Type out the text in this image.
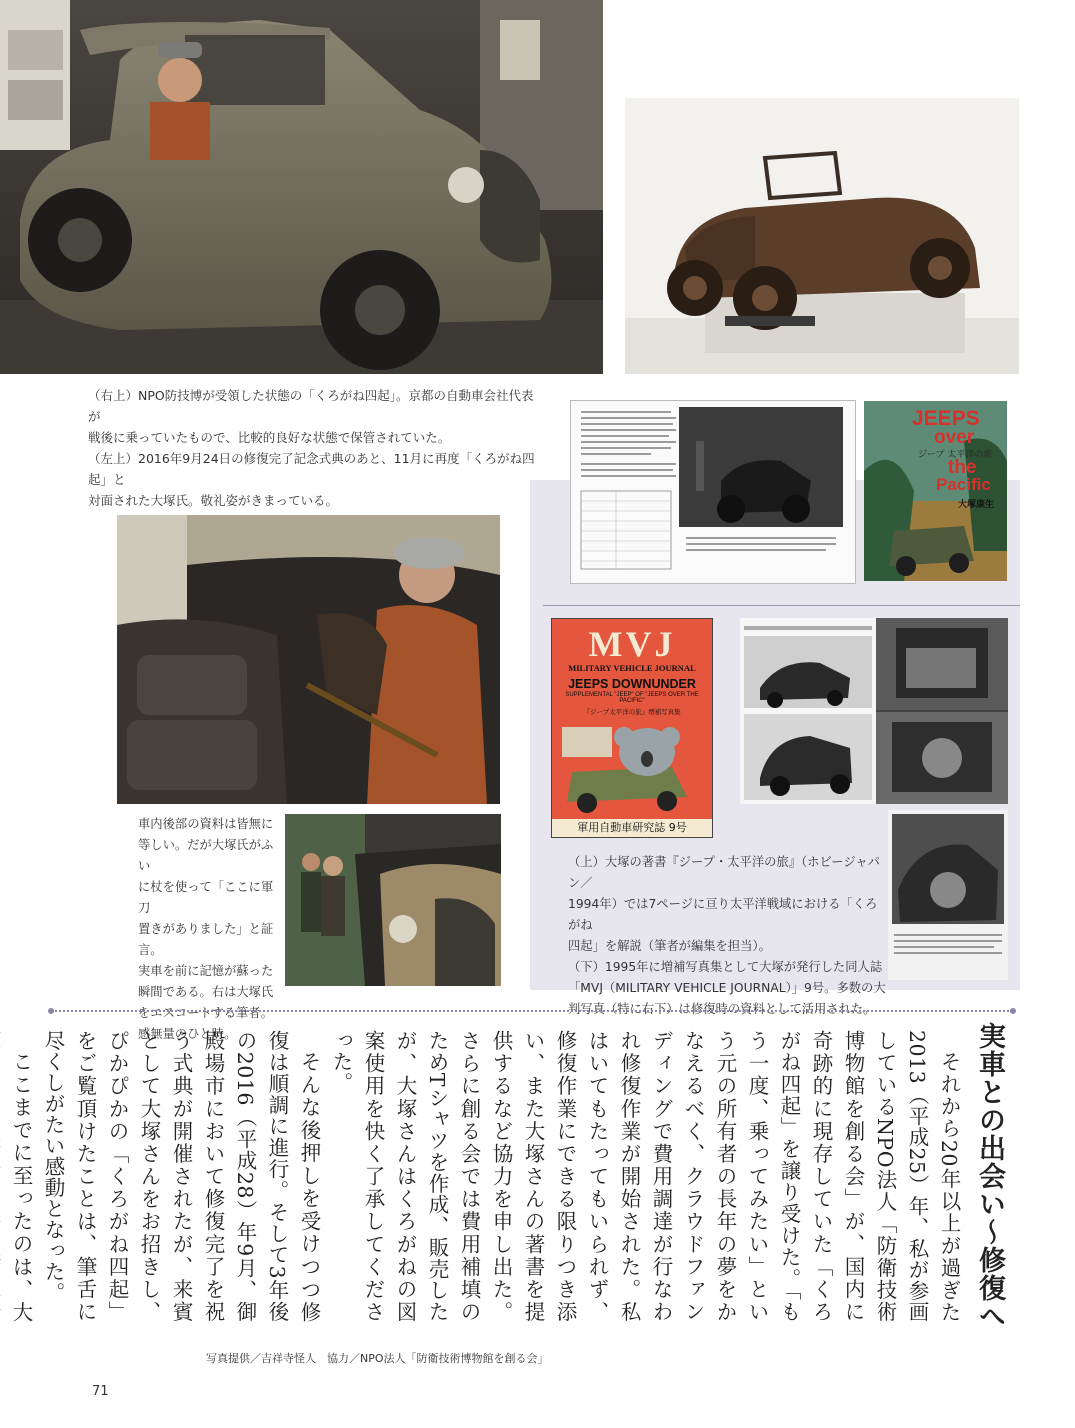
（右上）NPO防技博が受領した状態の「くろがね四起」。京都の自動車会社代表が

戦後に乗っていたもので、比較的良好な状態で保管されていた。

（左上）2016年9月24日の修復完了記念式典のあと、11月に再度「くろがね四起」と

対面された大塚氏。敬礼姿がきまっている。

JEEPS
over
ジープ 太平洋の旅
the
Pacific
大塚康生
MVJ
MILITARY VEHICLE JOURNAL
JEEPS DOWNUNDER
SUPPLEMENTAL "JEEP" OF "JEEPS OVER THE PACIFIC"
『ジープ太平洋の旅』増補写真集
軍用自動車研究誌 9号

（上）大塚の著書『ジープ・太平洋の旅』（ホビージャパン／

1994年）では7ページに亘り太平洋戦域における「くろがね

四起」を解説（筆者が編集を担当）。

（下）1995年に増補写真集として大塚が発行した同人誌

「MVJ（MILITARY VEHICLE JOURNAL）」9号。多数の大

判写真（特に右下）は修復時の資料として活用された。

車内後部の資料は皆無に

等しい。だが大塚氏がふい

に杖を使って「ここに軍刀

置きがありました」と証言。

実車を前に記憶が蘇った

瞬間である。右は大塚氏

をエスコートする筆者。

感無量のひと時。	実車との出会い〜修復へ

それから20年以上が過ぎた2013（平成25）年、私が参画しているNPO法人「防衛技術博物館を創る会」が、国内に奇跡的に現存していた「くろがね四起」を譲り受けた。「もう一度、乗ってみたい」という元の所有者の長年の夢をかなえるべく、クラウドファンディングで費用調達が行なわれ修復作業が開始された。私はいてもたってもいられず、修復作業にできる限りつき添い、また大塚さんの著書を提供するなど協力を申し出た。さらに創る会では費用補填のためTシャツを作成、販売したが、大塚さんはくろがねの図案使用を快く了承してくださった。

そんな後押しを受けつつ修復は順調に進行。そして3年後の2016（平成28）年9月、御殿場市において修復完了を祝う式典が開催されたが、来賓として大塚さんをお招きし、ぴかぴかの「くろがね四起」をご覧頂けたことは、筆舌に尽くしがたい感動となった。

ここまでに至ったのは、大

写真提供／吉祥寺怪人　協力／NPO法人「防衛技術博物館を創る会」
71
